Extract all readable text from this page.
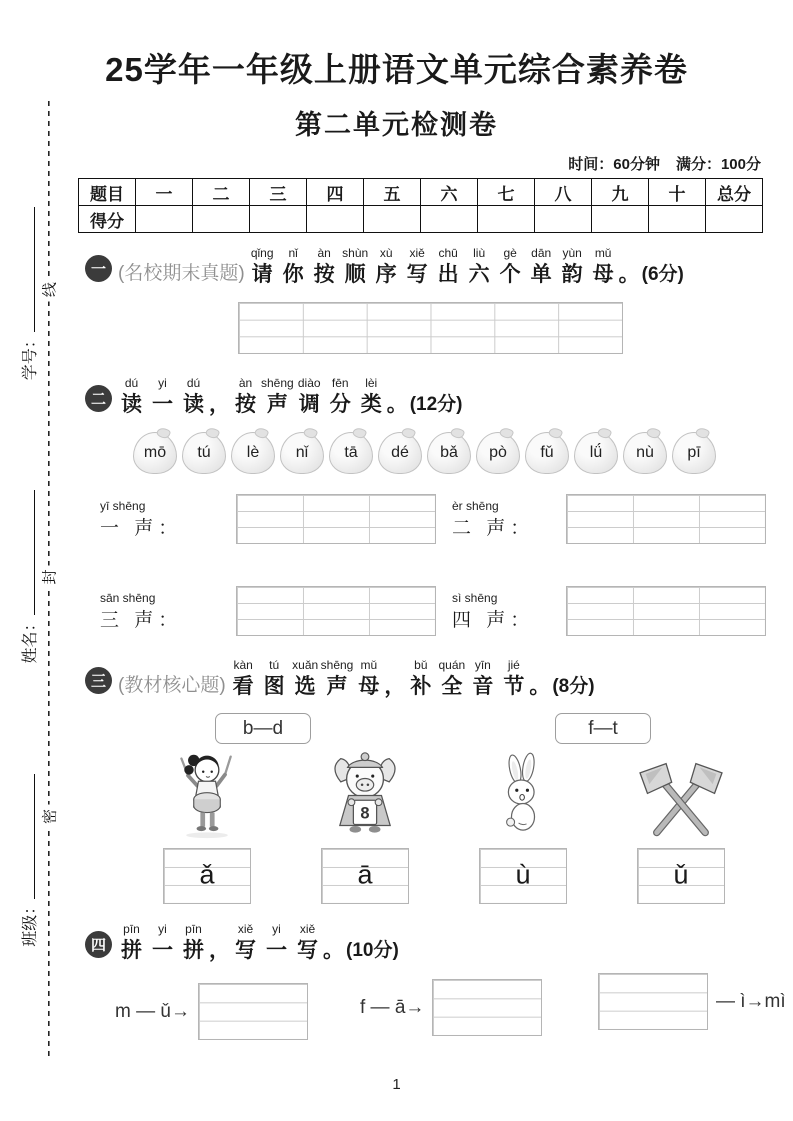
班级：
姓名：
学号：
密
封
线
25学年一年级上册语文单元综合素养卷
第二单元检测卷
时间：60分钟 满分：100分
题目	一	二	三	四	五	六	七	八	九	十	总分
得分											
一 (名校期末真题)
qǐng
请
nǐ
你
àn
按
shùn
顺
xù
序
xiě
写
chū
出
liù
六
gè
个
dān
单
yùn
韵
mǔ
母 。 (6分)
二
dú
读
yi
一
dú
读 ，
àn
按
shēng
声
diào
调
fēn
分
lèi
类 。 (12分)
mō tú lè nǐ tā dé bǎ pò fǔ lǘ nù pī
yī shēng
一 声：
èr shēng
二 声：
sān shēng
三 声：
sì shēng
四 声：
三 (教材核心题)
kàn
看
tú
图
xuǎn
选
shēng
声
mǔ
母 ，
bǔ
补
quán
全
yīn
音
jié
节 。 (8分)
b—d	f—t
ǎ
8
ā	ù	ǔ
四
pīn
拼
yi
一
pīn
拼 ，
xiě
写
yi
一
xiě
写 。 (10分)
m — ǔ→	f — ā→	— ì→mì
1
